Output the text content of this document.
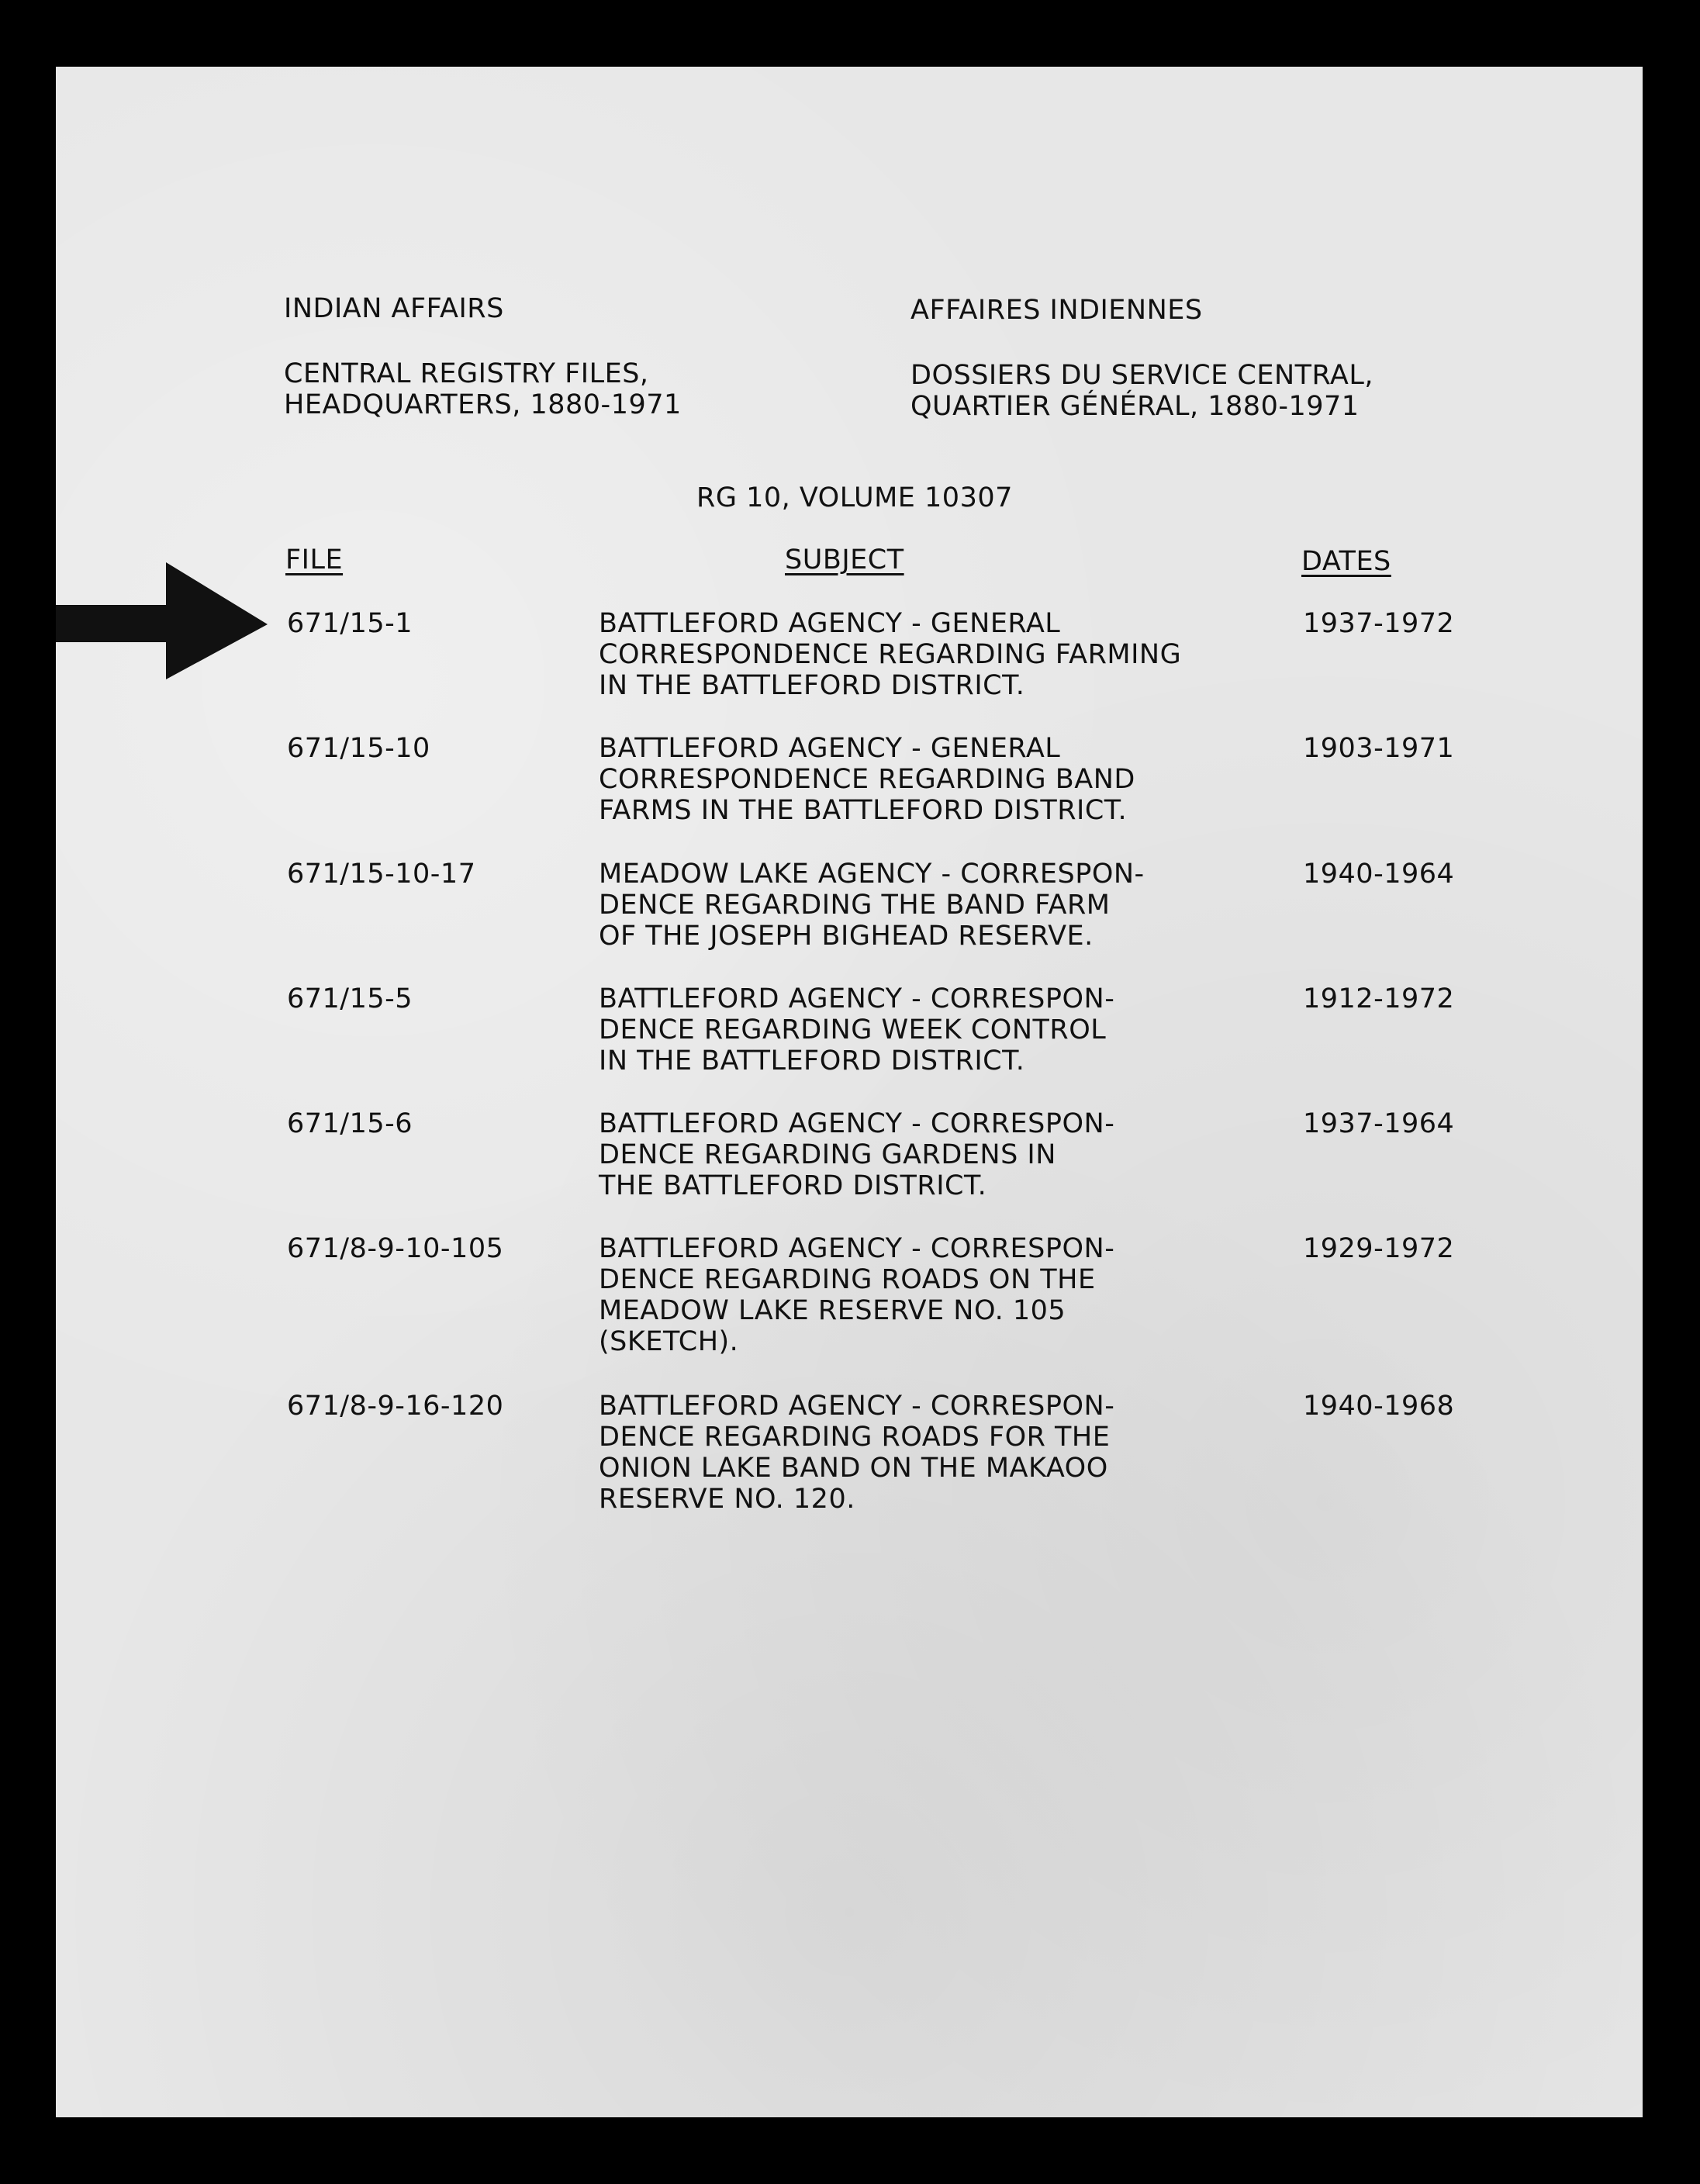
INDIAN AFFAIRS	AFFAIRES INDIENNES
CENTRAL REGISTRY FILES,
HEADQUARTERS, 1880-1971
DOSSIERS DU SERVICE CENTRAL,
QUARTIER GÉNÉRAL, 1880-1971
RG 10, VOLUME 10307
FILE	SUBJECT	DATES
671/15-1	BATTLEFORD AGENCY - GENERAL
CORRESPONDENCE REGARDING FARMING
IN THE BATTLEFORD DISTRICT.
1937-1972
671/15-10	BATTLEFORD AGENCY - GENERAL
CORRESPONDENCE REGARDING BAND
FARMS IN THE BATTLEFORD DISTRICT.
1903-1971
671/15-10-17	MEADOW LAKE AGENCY - CORRESPON-
DENCE REGARDING THE BAND FARM
OF THE JOSEPH BIGHEAD RESERVE.
1940-1964
671/15-5	BATTLEFORD AGENCY - CORRESPON-
DENCE REGARDING WEEK CONTROL
IN THE BATTLEFORD DISTRICT.
1912-1972
671/15-6	BATTLEFORD AGENCY - CORRESPON-
DENCE REGARDING GARDENS IN
THE BATTLEFORD DISTRICT.
1937-1964
671/8-9-10-105	BATTLEFORD AGENCY - CORRESPON-
DENCE REGARDING ROADS ON THE
MEADOW LAKE RESERVE NO. 105
(SKETCH).
1929-1972
671/8-9-16-120	BATTLEFORD AGENCY - CORRESPON-
DENCE REGARDING ROADS FOR THE
ONION LAKE BAND ON THE MAKAOO
RESERVE NO. 120.
1940-1968
